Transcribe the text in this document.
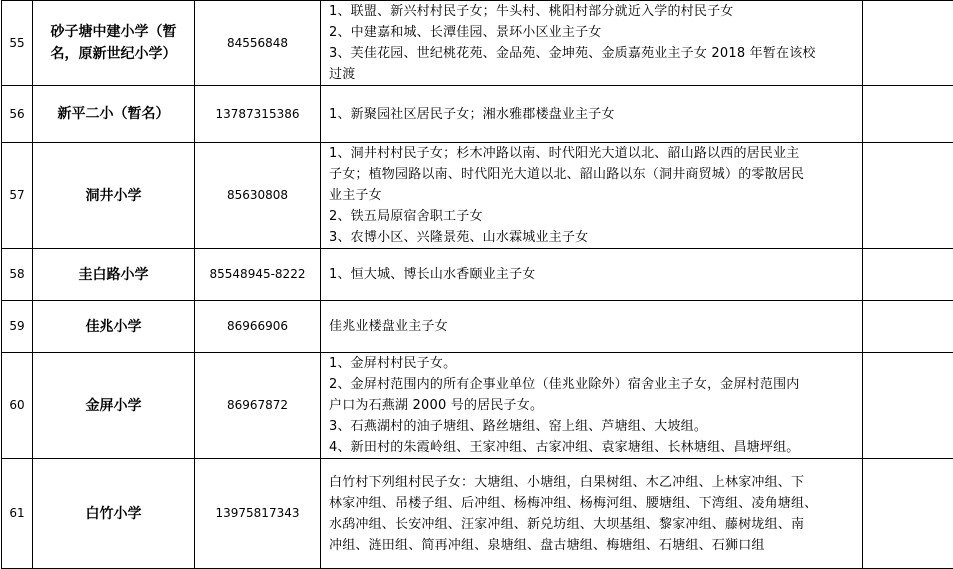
55	砂子塘中建小学（暂名，原新世纪小学）	84556848	1、联盟、新兴村村民子女；牛头村、桃阳村部分就近入学的村民子女
2、中建嘉和城、长潭佳园、景环小区业主子女
3、芙佳花园、世纪桃花苑、金品苑、金坤苑、金质嘉苑业主子女 2018 年暂在该校
过渡	

56	新平二小（暂名）	13787315386	1、新聚园社区居民子女；湘水雅郡楼盘业主子女	

57	洞井小学	85630808	1、洞井村村民子女；杉木冲路以南、时代阳光大道以北、韶山路以西的居民业主
子女；植物园路以南、时代阳光大道以北、韶山路以东（洞井商贸城）的零散居民
业主子女
2、铁五局原宿舍职工子女
3、农博小区、兴隆景苑、山水霖城业主子女	

58	圭白路小学	85548945-8222	1、恒大城、博长山水香颐业主子女	

59	佳兆小学	86966906	佳兆业楼盘业主子女	

60	金屏小学	86967872	1、金屏村村民子女。
2、金屏村范围内的所有企事业单位（佳兆业除外）宿舍业主子女，金屏村范围内
户口为石燕湖 2000 号的居民子女。
3、石燕湖村的油子塘组、路丝塘组、窑上组、芦塘组、大坡组。
4、新田村的朱霞岭组、王家冲组、古家冲组、袁家塘组、长林塘组、昌塘坪组。	

61	白竹小学	13975817343	白竹村下列组村民子女：大塘组、小塘组，白果树组、木乙冲组、上林家冲组、下
林家冲组、吊楼子组、后冲组、杨梅冲组、杨梅河组、腰塘组、下湾组、凌角塘组、
水鸹冲组、长安冲组、汪家冲组、新兑坊组、大坝基组、黎家冲组、藤树垅组、南
冲组、涟田组、简再冲组、泉塘组、盘古塘组、梅塘组、石塘组、石狮口组	
